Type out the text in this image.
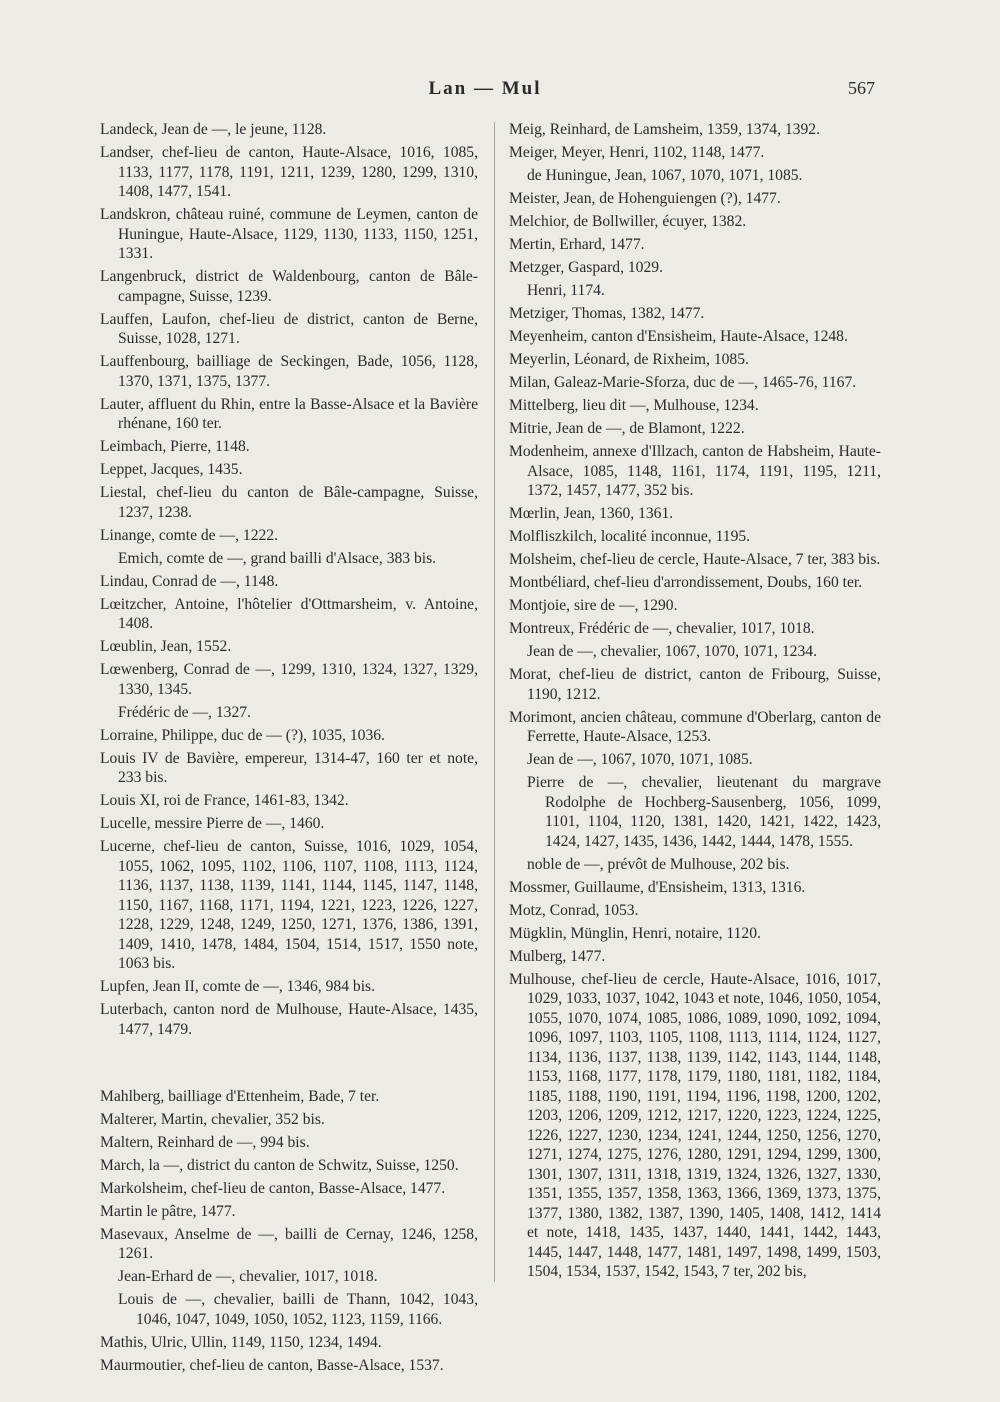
Lan — Mul	567
Landeck, Jean de —, le jeune, 1128.
Landser, chef-lieu de canton, Haute-Alsace, 1016, 1085, 1133, 1177, 1178, 1191, 1211, 1239, 1280, 1299, 1310, 1408, 1477, 1541.
Landskron, château ruiné, commune de Leymen, canton de Huningue, Haute-Alsace, 1129, 1130, 1133, 1150, 1251, 1331.
Langenbruck, district de Waldenbourg, canton de Bâle-campagne, Suisse, 1239.
Lauffen, Laufon, chef-lieu de district, canton de Berne, Suisse, 1028, 1271.
Lauffenbourg, bailliage de Seckingen, Bade, 1056, 1128, 1370, 1371, 1375, 1377.
Lauter, affluent du Rhin, entre la Basse-Alsace et la Bavière rhénane, 160 ter.
Leimbach, Pierre, 1148.
Leppet, Jacques, 1435.
Liestal, chef-lieu du canton de Bâle-campagne, Suisse, 1237, 1238.
Linange, comte de —, 1222.
Emich, comte de —, grand bailli d'Alsace, 383 bis.
Lindau, Conrad de —, 1148.
Lœitzcher, Antoine, l'hôtelier d'Ottmarsheim, v. Antoine, 1408.
Lœublin, Jean, 1552.
Lœwenberg, Conrad de —, 1299, 1310, 1324, 1327, 1329, 1330, 1345.
Frédéric de —, 1327.
Lorraine, Philippe, duc de — (?), 1035, 1036.
Louis IV de Bavière, empereur, 1314-47, 160 ter et note, 233 bis.
Louis XI, roi de France, 1461-83, 1342.
Lucelle, messire Pierre de —, 1460.
Lucerne, chef-lieu de canton, Suisse, 1016, 1029, 1054, 1055, 1062, 1095, 1102, 1106, 1107, 1108, 1113, 1124, 1136, 1137, 1138, 1139, 1141, 1144, 1145, 1147, 1148, 1150, 1167, 1168, 1171, 1194, 1221, 1223, 1226, 1227, 1228, 1229, 1248, 1249, 1250, 1271, 1376, 1386, 1391, 1409, 1410, 1478, 1484, 1504, 1514, 1517, 1550 note, 1063 bis.
Lupfen, Jean II, comte de —, 1346, 984 bis.
Luterbach, canton nord de Mulhouse, Haute-Alsace, 1435, 1477, 1479.
Mahlberg, bailliage d'Ettenheim, Bade, 7 ter.
Malterer, Martin, chevalier, 352 bis.
Maltern, Reinhard de —, 994 bis.
March, la —, district du canton de Schwitz, Suisse, 1250.
Markolsheim, chef-lieu de canton, Basse-Alsace, 1477.
Martin le pâtre, 1477.
Masevaux, Anselme de —, bailli de Cernay, 1246, 1258, 1261.
Jean-Erhard de —, chevalier, 1017, 1018.
Louis de —, chevalier, bailli de Thann, 1042, 1043, 1046, 1047, 1049, 1050, 1052, 1123, 1159, 1166.
Mathis, Ulric, Ullin, 1149, 1150, 1234, 1494.
Maurmoutier, chef-lieu de canton, Basse-Alsace, 1537.
Meig, Reinhard, de Lamsheim, 1359, 1374, 1392.
Meiger, Meyer, Henri, 1102, 1148, 1477.
de Huningue, Jean, 1067, 1070, 1071, 1085.
Meister, Jean, de Hohenguiengen (?), 1477.
Melchior, de Bollwiller, écuyer, 1382.
Mertin, Erhard, 1477.
Metzger, Gaspard, 1029.
Henri, 1174.
Metziger, Thomas, 1382, 1477.
Meyenheim, canton d'Ensisheim, Haute-Alsace, 1248.
Meyerlin, Léonard, de Rixheim, 1085.
Milan, Galeaz-Marie-Sforza, duc de —, 1465-76, 1167.
Mittelberg, lieu dit —, Mulhouse, 1234.
Mitrie, Jean de —, de Blamont, 1222.
Modenheim, annexe d'Illzach, canton de Habsheim, Haute-Alsace, 1085, 1148, 1161, 1174, 1191, 1195, 1211, 1372, 1457, 1477, 352 bis.
Mœrlin, Jean, 1360, 1361.
Molfliszkilch, localité inconnue, 1195.
Molsheim, chef-lieu de cercle, Haute-Alsace, 7 ter, 383 bis.
Montbéliard, chef-lieu d'arrondissement, Doubs, 160 ter.
Montjoie, sire de —, 1290.
Montreux, Frédéric de —, chevalier, 1017, 1018.
Jean de —, chevalier, 1067, 1070, 1071, 1234.
Morat, chef-lieu de district, canton de Fribourg, Suisse, 1190, 1212.
Morimont, ancien château, commune d'Oberlarg, canton de Ferrette, Haute-Alsace, 1253.
Jean de —, 1067, 1070, 1071, 1085.
Pierre de —, chevalier, lieutenant du margrave Rodolphe de Hochberg-Sausenberg, 1056, 1099, 1101, 1104, 1120, 1381, 1420, 1421, 1422, 1423, 1424, 1427, 1435, 1436, 1442, 1444, 1478, 1555.
noble de —, prévôt de Mulhouse, 202 bis.
Mossmer, Guillaume, d'Ensisheim, 1313, 1316.
Motz, Conrad, 1053.
Mügklin, Münglin, Henri, notaire, 1120.
Mulberg, 1477.
Mulhouse, chef-lieu de cercle, Haute-Alsace, 1016, 1017, 1029, 1033, 1037, 1042, 1043 et note, 1046, 1050, 1054, 1055, 1070, 1074, 1085, 1086, 1089, 1090, 1092, 1094, 1096, 1097, 1103, 1105, 1108, 1113, 1114, 1124, 1127, 1134, 1136, 1137, 1138, 1139, 1142, 1143, 1144, 1148, 1153, 1168, 1177, 1178, 1179, 1180, 1181, 1182, 1184, 1185, 1188, 1190, 1191, 1194, 1196, 1198, 1200, 1202, 1203, 1206, 1209, 1212, 1217, 1220, 1223, 1224, 1225, 1226, 1227, 1230, 1234, 1241, 1244, 1250, 1256, 1270, 1271, 1274, 1275, 1276, 1280, 1291, 1294, 1299, 1300, 1301, 1307, 1311, 1318, 1319, 1324, 1326, 1327, 1330, 1351, 1355, 1357, 1358, 1363, 1366, 1369, 1373, 1375, 1377, 1380, 1382, 1387, 1390, 1405, 1408, 1412, 1414 et note, 1418, 1435, 1437, 1440, 1441, 1442, 1443, 1445, 1447, 1448, 1477, 1481, 1497, 1498, 1499, 1503, 1504, 1534, 1537, 1542, 1543, 7 ter, 202 bis,
